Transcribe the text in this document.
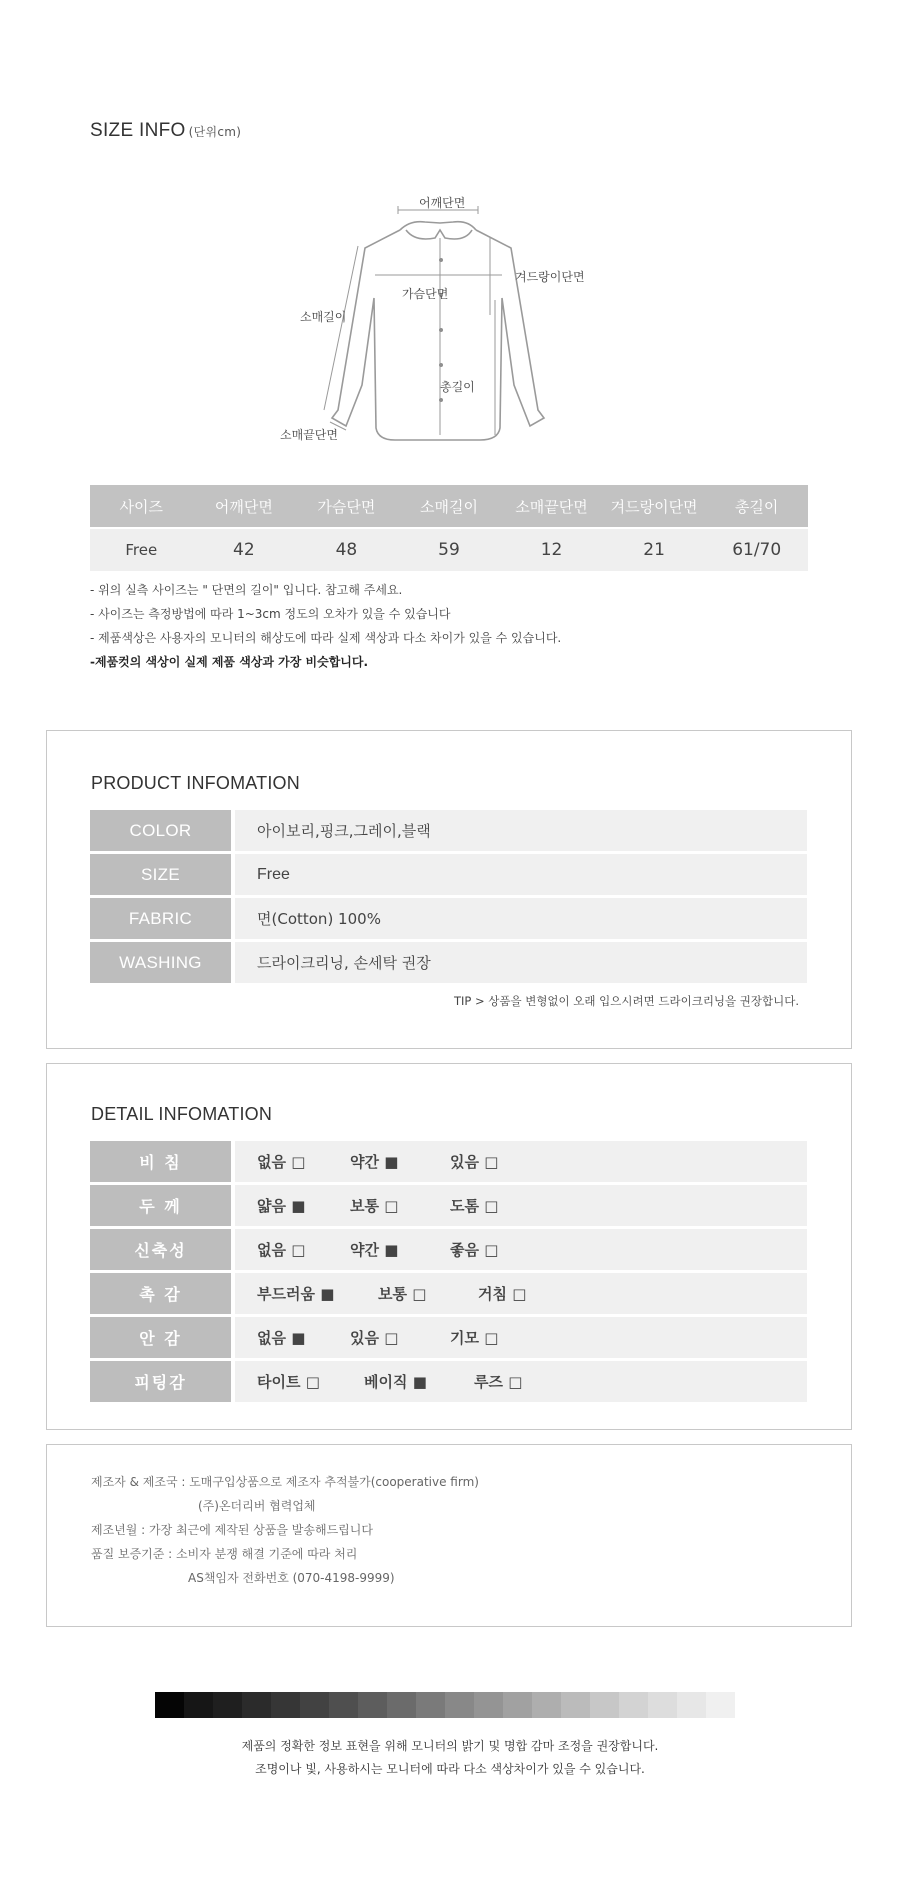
SIZE INFO (단위cm)
어깨단면
겨드랑이단면
가슴단면
소매길이
총길이
소매끝단면
사이즈	어깨단면	가슴단면	소매길이	소매끝단면	겨드랑이단면	총길이
Free	42	48	59	12	21	61/70
- 위의 실측 사이즈는 " 단면의 길이" 입니다. 참고해 주세요.
- 사이즈는 측정방법에 따라 1~3cm 정도의 오차가 있을 수 있습니다
- 제품색상은 사용자의 모니터의 해상도에 따라 실제 색상과 다소 차이가 있을 수 있습니다.
-제품컷의 색상이 실제 제품 색상과 가장 비슷합니다.
PRODUCT INFOMATION
COLOR	아이보리,핑크,그레이,블랙
SIZE	Free
FABRIC	면(Cotton) 100%
WASHING	드라이크리닝, 손세탁 권장
TIP > 상품을 변형없이 오래 입으시려면 드라이크리닝을 권장합니다.
DETAIL INFOMATION
비 침	없음 □	약간 ■	있음 □
두 께	얇음 ■	보통 □	도톰 □
신축성	없음 □	약간 ■	좋음 □
촉 감	부드러움 ■	보통 □	거침 □
안 감	없음 ■	있음 □	기모 □
피팅감	타이트 □	베이직 ■	루즈 □
제조자 & 제조국 : 도매구입상품으로 제조자 추적불가(cooperative firm)
(주)온더리버 협력업체
제조년월 : 가장 최근에 제작된 상품을 발송해드립니다
품질 보증기준 : 소비자 분쟁 해결 기준에 따라 처리
AS책임자 전화번호 (070-4198-9999)
제품의 정확한 정보 표현을 위해 모니터의 밝기 및 명합 감마 조정을 권장합니다.
조명이나 빛, 사용하시는 모니터에 따라 다소 색상차이가 있을 수 있습니다.
